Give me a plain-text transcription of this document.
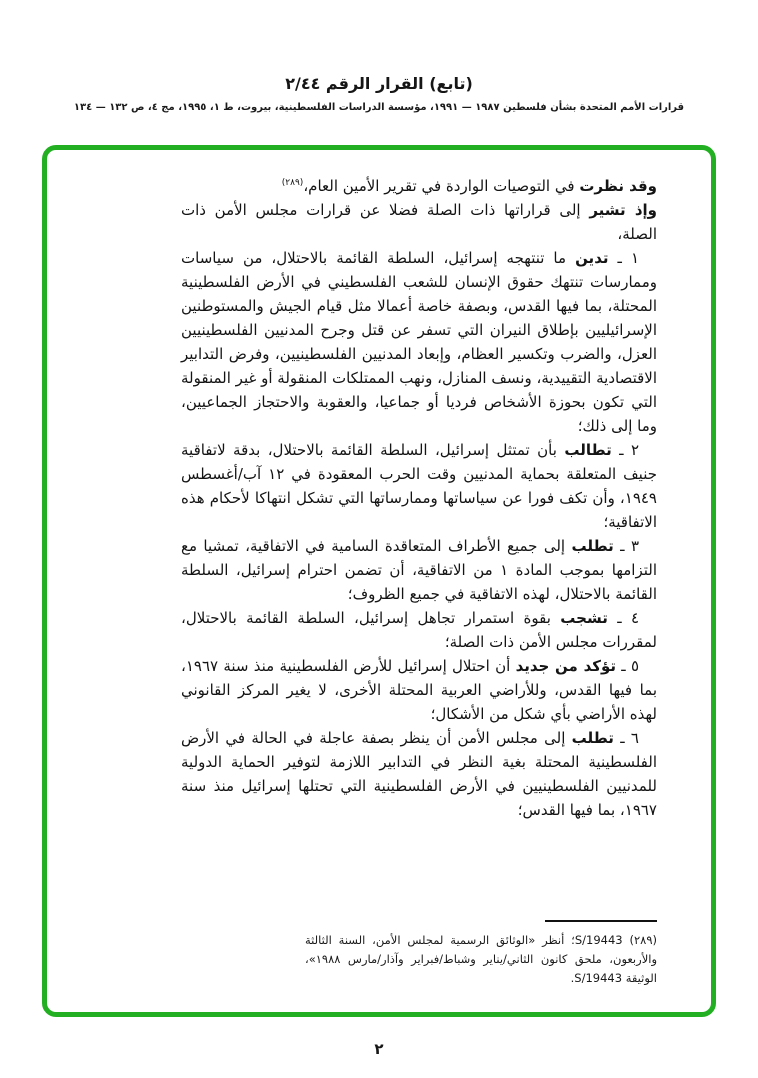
(تابع) القرار الرقم ٢/٤٤
قرارات الأمم المتحدة بشأن فلسطين ١٩٨٧ — ١٩٩١، مؤسسة الدراسات الفلسطينية، بيروت، ط ١، ١٩٩٥، مج ٤، ص ١٣٢ — ١٣٤

وقد نظرت في التوصيات الواردة في تقرير الأمين العام،$^{(٢٨٩)}$

وإذ تشير إلى قراراتها ذات الصلة فضلا عن قرارات مجلس الأمن ذات الصلة،

١ ـ تدين ما تنتهجه إسرائيل، السلطة القائمة بالاحتلال، من سياسات وممارسات تنتهك حقوق الإنسان للشعب الفلسطيني في الأرض الفلسطينية المحتلة، بما فيها القدس، وبصفة خاصة أعمالا مثل قيام الجيش والمستوطنين الإسرائيليين بإطلاق النيران التي تسفر عن قتل وجرح المدنيين الفلسطينيين العزل، والضرب وتكسير العظام، وإبعاد المدنيين الفلسطينيين، وفرض التدابير الاقتصادية التقييدية، ونسف المنازل، ونهب الممتلكات المنقولة أو غير المنقولة التي تكون بحوزة الأشخاص فرديا أو جماعيا، والعقوبة والاحتجاز الجماعيين، وما إلى ذلك؛

٢ ـ تطالب بأن تمتثل إسرائيل، السلطة القائمة بالاحتلال، بدقة لاتفاقية جنيف المتعلقة بحماية المدنيين وقت الحرب المعقودة في ١٢ آب/أغسطس ١٩٤٩، وأن تكف فورا عن سياساتها وممارساتها التي تشكل انتهاكا لأحكام هذه الاتفاقية؛

٣ ـ تطلب إلى جميع الأطراف المتعاقدة السامية في الاتفاقية، تمشيا مع التزامها بموجب المادة ١ من الاتفاقية، أن تضمن احترام إسرائيل، السلطة القائمة بالاحتلال، لهذه الاتفاقية في جميع الظروف؛

٤ ـ تشجب بقوة استمرار تجاهل إسرائيل، السلطة القائمة بالاحتلال، لمقررات مجلس الأمن ذات الصلة؛

٥ ـ تؤكد من جديد أن احتلال إسرائيل للأرض الفلسطينية منذ سنة ١٩٦٧، بما فيها القدس، وللأراضي العربية المحتلة الأخرى، لا يغير المركز القانوني لهذه الأراضي بأي شكل من الأشكال؛

٦ ـ تطلب إلى مجلس الأمن أن ينظر بصفة عاجلة في الحالة في الأرض الفلسطينية المحتلة بغية النظر في التدابير اللازمة لتوفير الحماية الدولية للمدنيين الفلسطينيين في الأرض الفلسطينية التي تحتلها إسرائيل منذ سنة ١٩٦٧، بما فيها القدس؛

(٢٨٩) S/19443؛ أنظر «الوثائق الرسمية لمجلس الأمن، السنة الثالثة والأربعون، ملحق كانون الثاني/يناير وشباط/فبراير وآذار/مارس ١٩٨٨»، الوثيقة S/19443.

٢
